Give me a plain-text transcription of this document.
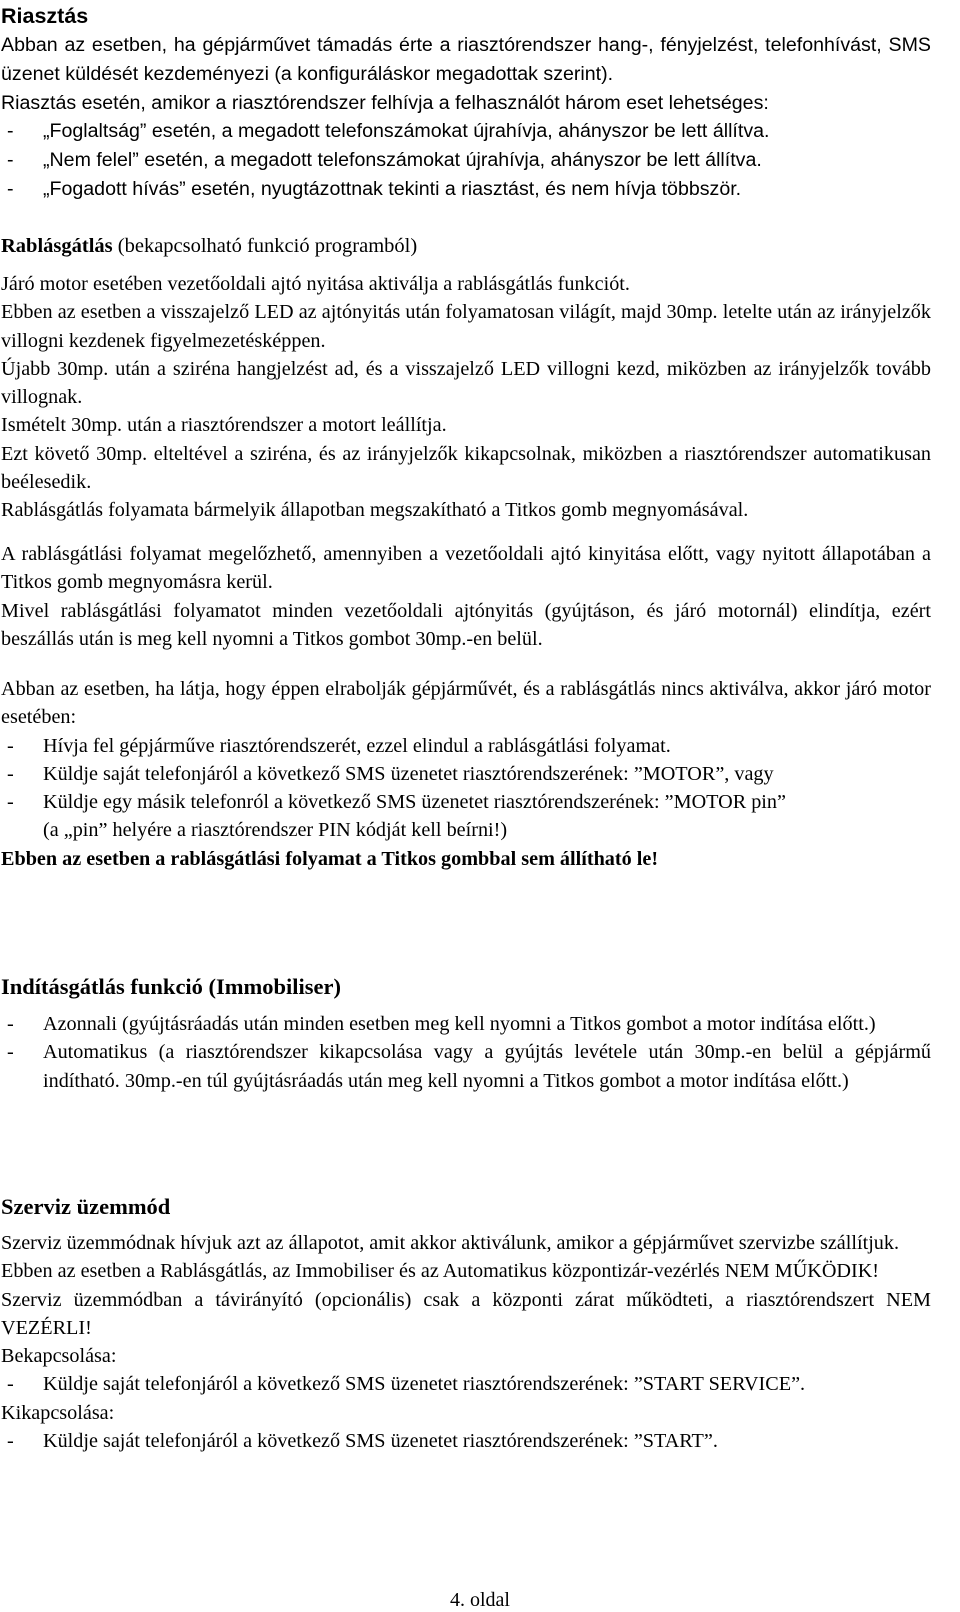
Riasztás

Abban az esetben, ha gépjárművet támadás érte a riasztórendszer hang-, fényjelzést, telefonhívást, SMS üzenet küldését kezdeményezi (a konfiguráláskor megadottak szerint).

Riasztás esetén, amikor a riasztórendszer felhívja a felhasználót három eset lehetséges:

- „Foglaltság” esetén, a megadott telefonszámokat újrahívja, ahányszor be lett állítva.
- „Nem felel” esetén, a megadott telefonszámokat újrahívja, ahányszor be lett állítva.
- „Fogadott hívás” esetén, nyugtázottnak tekinti a riasztást, és nem hívja többször.
Rablásgátlás (bekapcsolható funkció programból)

Járó motor esetében vezetőoldali ajtó nyitása aktiválja a rablásgátlás funkciót.

Ebben az esetben a visszajelző LED az ajtónyitás után folyamatosan világít, majd 30mp. letelte után az irányjelzők villogni kezdenek figyelmezetésképpen.

Újabb 30mp. után a sziréna hangjelzést ad, és a visszajelző LED villogni kezd, miközben az irányjelzők tovább villognak.

Ismételt 30mp. után a riasztórendszer a motort leállítja.

Ezt követő 30mp. elteltével a sziréna, és az irányjelzők kikapcsolnak, miközben a riasztórendszer automatikusan beélesedik.

Rablásgátlás folyamata bármelyik állapotban megszakítható a Titkos gomb megnyomásával.

A rablásgátlási folyamat megelőzhető, amennyiben a vezetőoldali ajtó kinyitása előtt, vagy nyitott állapotában a Titkos gomb megnyomásra kerül.

Mivel rablásgátlási folyamatot minden vezetőoldali ajtónyitás (gyújtáson, és járó motornál) elindítja, ezért beszállás után is meg kell nyomni a Titkos gombot 30mp.-en belül.

Abban az esetben, ha látja, hogy éppen elrabolják gépjárművét, és a rablásgátlás nincs aktiválva, akkor járó motor esetében:

- Hívja fel gépjárműve riasztórendszerét, ezzel elindul a rablásgátlási folyamat.
- Küldje saját telefonjáról a következő SMS üzenetet riasztórendszerének: ”MOTOR”, vagy
- Küldje egy másik telefonról a következő SMS üzenetet riasztórendszerének: ”MOTOR pin”

(a „pin” helyére a riasztórendszer PIN kódját kell beírni!)

Ebben az esetben a rablásgátlási folyamat a Titkos gombbal sem állítható le!

Indításgátlás funkció (Immobiliser)
- Azonnali (gyújtásráadás után minden esetben meg kell nyomni a Titkos gombot a motor indítása előtt.)
- Automatikus (a riasztórendszer kikapcsolása vagy a gyújtás levétele után 30mp.-en belül a gépjármű indítható. 30mp.-en túl gyújtásráadás után meg kell nyomni a Titkos gombot a motor indítása előtt.)
Szerviz üzemmód

Szerviz üzemmódnak hívjuk azt az állapotot, amit akkor aktiválunk, amikor a gépjárművet szervizbe szállítjuk.

Ebben az esetben a Rablásgátlás, az Immobiliser és az Automatikus központizár-vezérlés NEM MŰKÖDIK!

Szerviz üzemmódban a távirányító (opcionális) csak a központi zárat működteti, a riasztórendszert NEM VEZÉRLI!

Bekapcsolása:

- Küldje saját telefonjáról a következő SMS üzenetet riasztórendszerének: ”START SERVICE”.

Kikapcsolása:

- Küldje saját telefonjáról a következő SMS üzenetet riasztórendszerének: ”START”.
4. oldal
